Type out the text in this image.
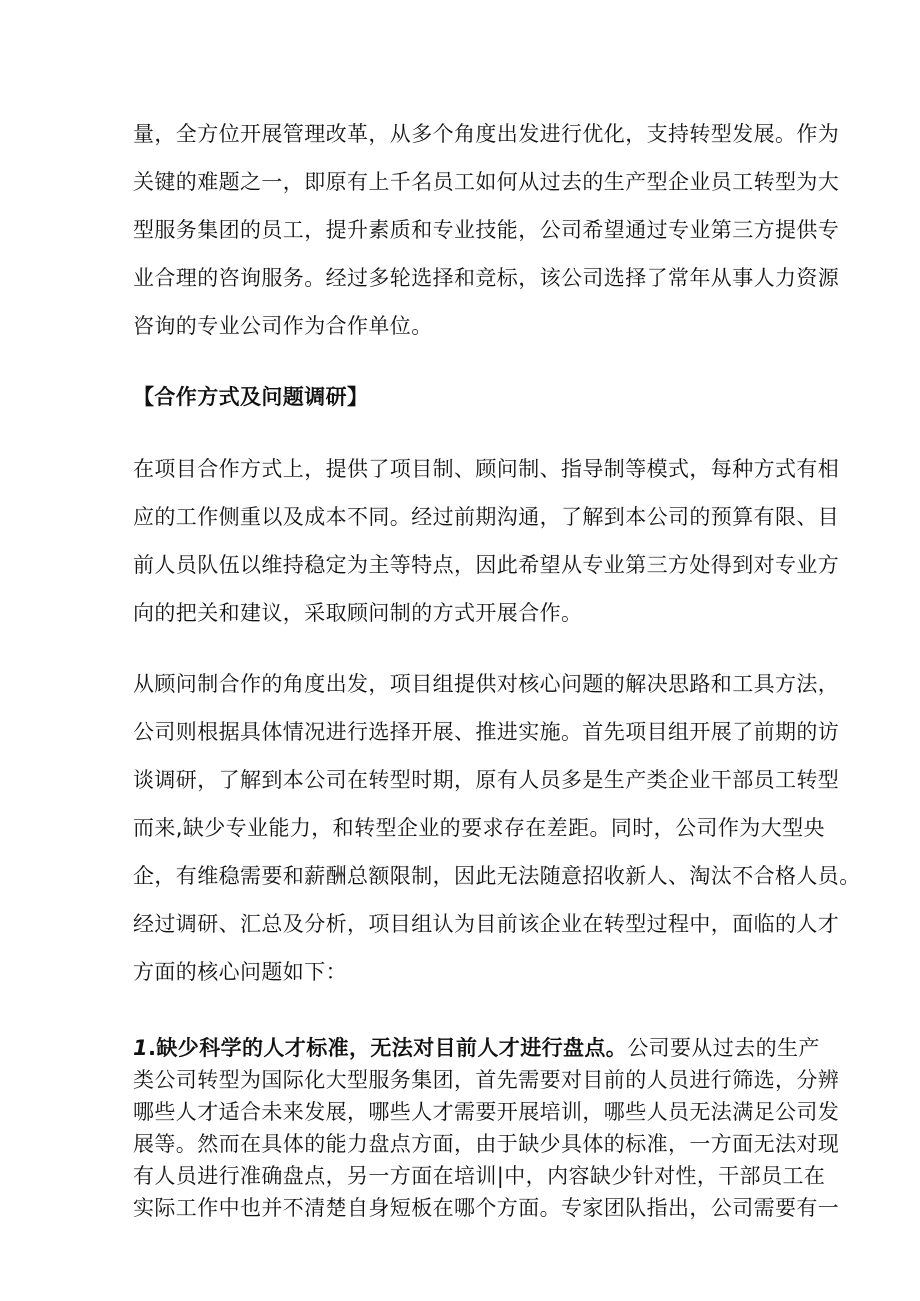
量，全方位开展管理改革，从多个角度出发进行优化，支持转型发展。作为
关键的难题之一，即原有上千名员工如何从过去的生产型企业员工转型为大
型服务集团的员工，提升素质和专业技能，公司希望通过专业第三方提供专
业合理的咨询服务。经过多轮选择和竞标，该公司选择了常年从事人力资源
咨询的专业公司作为合作单位。
【合作方式及问题调研】
在项目合作方式上，提供了项目制、顾问制、指导制等模式，每种方式有相
应的工作侧重以及成本不同。经过前期沟通，了解到本公司的预算有限、目
前人员队伍以维持稳定为主等特点，因此希望从专业第三方处得到对专业方
向的把关和建议，采取顾问制的方式开展合作。
从顾问制合作的角度出发，项目组提供对核心问题的解决思路和工具方法，
公司则根据具体情况进行选择开展、推进实施。首先项目组开展了前期的访
谈调研，了解到本公司在转型时期，原有人员多是生产类企业干部员工转型
而来,缺少专业能力，和转型企业的要求存在差距。同时，公司作为大型央
企，有维稳需要和薪酬总额限制，因此无法随意招收新人、淘汰不合格人员。
经过调研、汇总及分析，项目组认为目前该企业在转型过程中，面临的人才
方面的核心问题如下：
1.缺少科学的人才标准，无法对目前人才进行盘点。公司要从过去的生产
类公司转型为国际化大型服务集团，首先需要对目前的人员进行筛选，分辨
哪些人才适合未来发展，哪些人才需要开展培训，哪些人员无法满足公司发
展等。然而在具体的能力盘点方面，由于缺少具体的标准，一方面无法对现
有人员进行准确盘点，另一方面在培训|中，内容缺少针对性，干部员工在
实际工作中也并不清楚自身短板在哪个方面。专家团队指出，公司需要有一
